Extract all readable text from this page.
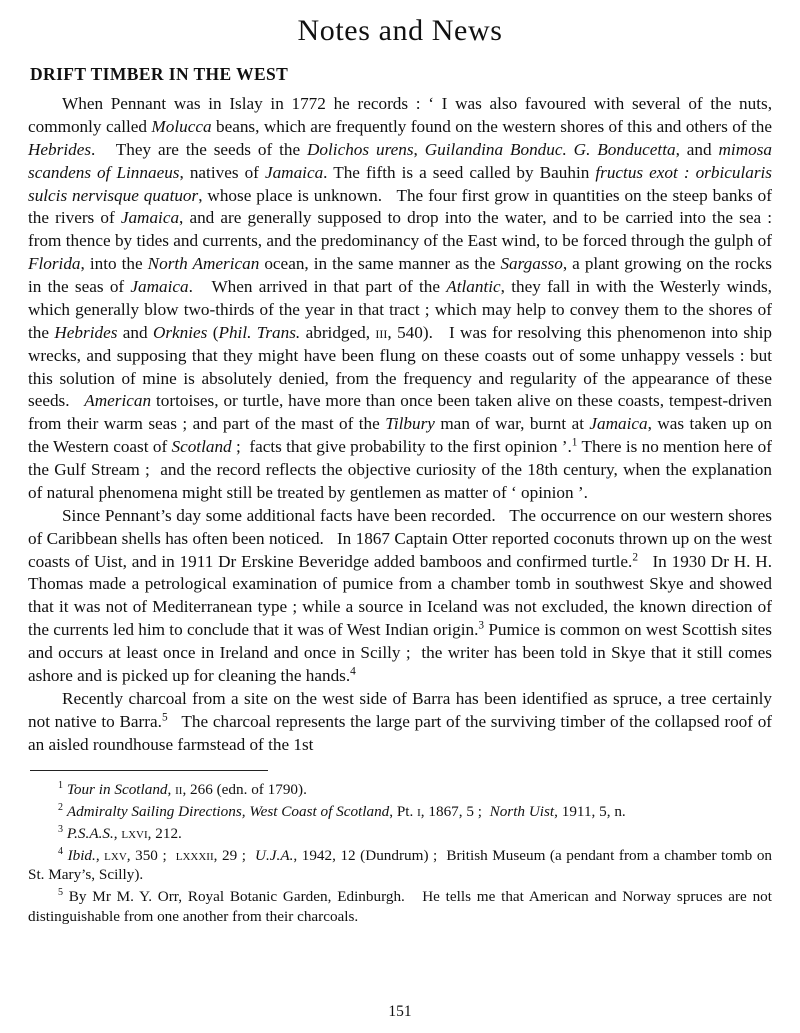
Notes and News
DRIFT TIMBER IN THE WEST

When Pennant was in Islay in 1772 he records : ‘ I was also favoured with several of the nuts, commonly called Molucca beans, which are frequently found on the western shores of this and others of the Hebrides.   They are the seeds of the Dolichos urens, Guilandina Bonduc. G. Bonducetta, and mimosa scandens of Linnaeus, natives of Jamaica. The fifth is a seed called by Bauhin fructus exot : orbicularis sulcis nervisque quatuor, whose place is unknown.   The four first grow in quantities on the steep banks of the rivers of Jamaica, and are generally supposed to drop into the water, and to be carried into the sea : from thence by tides and currents, and the predominancy of the East wind, to be forced through the gulph of Florida, into the North American ocean, in the same manner as the Sargasso, a plant growing on the rocks in the seas of Jamaica.   When arrived in that part of the Atlantic, they fall in with the Westerly winds, which generally blow two-thirds of the year in that tract ; which may help to convey them to the shores of the Hebrides and Orknies (Phil. Trans. abridged, iii, 540).   I was for resolving this phenomenon into ship wrecks, and supposing that they might have been flung on these coasts out of some unhappy vessels : but this solution of mine is absolutely denied, from the frequency and regularity of the appearance of these seeds.   American tortoises, or turtle, have more than once been taken alive on these coasts, tempest-driven from their warm seas ; and part of the mast of the Tilbury man of war, burnt at Jamaica, was taken up on the Western coast of Scotland ;  facts that give probability to the first opinion ’.$^1$ There is no mention here of the Gulf Stream ;  and the record reflects the objective curiosity of the 18th century, when the explanation of natural phenomena might still be treated by gentlemen as matter of ‘ opinion ’.

Since Pennant’s day some additional facts have been recorded.   The occurrence on our western shores of Caribbean shells has often been noticed.   In 1867 Captain Otter reported coconuts thrown up on the west coasts of Uist, and in 1911 Dr Erskine Beveridge added bamboos and confirmed turtle.$^2$   In 1930 Dr H. H. Thomas made a petrological examination of pumice from a chamber tomb in southwest Skye and showed that it was not of Mediterranean type ; while a source in Iceland was not excluded, the known direction of the currents led him to conclude that it was of West Indian origin.$^3$ Pumice is common on west Scottish sites and occurs at least once in Ireland and once in Scilly ;  the writer has been told in Skye that it still comes ashore and is picked up for cleaning the hands.$^4$

Recently charcoal from a site on the west side of Barra has been identified as spruce, a tree certainly not native to Barra.$^5$   The charcoal represents the large part of the surviving timber of the collapsed roof of an aisled roundhouse farmstead of the 1st

$^1$ Tour in Scotland, ii, 266 (edn. of 1790).

$^2$ Admiralty Sailing Directions, West Coast of Scotland, Pt. i, 1867, 5 ;  North Uist, 1911, 5, n.

$^3$ P.S.A.S., lxvi, 212.

$^4$ Ibid., lxv, 350 ;  lxxxii, 29 ;  U.J.A., 1942, 12 (Dundrum) ;  British Museum (a pendant from a chamber tomb on St. Mary’s, Scilly).

$^5$ By Mr M. Y. Orr, Royal Botanic Garden, Edinburgh.   He tells me that American and Norway spruces are not distinguishable from one another from their charcoals.

151
